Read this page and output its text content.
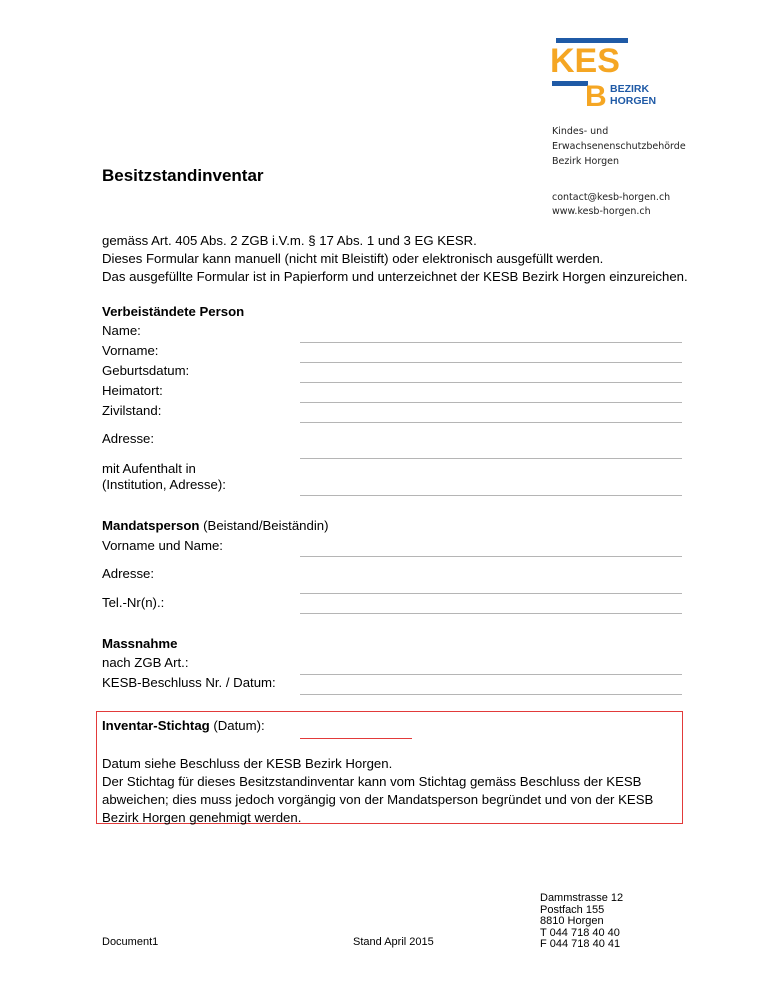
KES
B BEZIRK
HORGEN
Kindes- und
Erwachsenenschutzbehörde
Bezirk Horgen
Besitzstandinventar
contact@kesb-horgen.ch
www.kesb-horgen.ch
gemäss Art. 405 Abs. 2 ZGB i.V.m. § 17 Abs. 1 und 3 EG KESR.
Dieses Formular kann manuell (nicht mit Bleistift) oder elektronisch ausgefüllt werden.
Das ausgefüllte Formular ist in Papierform und unterzeichnet der KESB Bezirk Horgen einzureichen.
Verbeiständete Person
Name:
Vorname:
Geburtsdatum:
Heimatort:
Zivilstand:
Adresse:
mit Aufenthalt in
(Institution, Adresse):
Mandatsperson (Beistand/Beiständin)
Vorname und Name:
Adresse:
Tel.-Nr(n).:
Massnahme
nach ZGB Art.:
KESB-Beschluss Nr. / Datum:
Inventar-Stichtag (Datum):
Datum siehe Beschluss der KESB Bezirk Horgen.
Der Stichtag für dieses Besitzstandinventar kann vom Stichtag gemäss Beschluss der KESB
abweichen; dies muss jedoch vorgängig von der Mandatsperson begründet und von der KESB
Bezirk Horgen genehmigt werden.
Document1	Stand April 2015
Dammstrasse 12
Postfach 155
8810 Horgen
T 044 718 40 40
F 044 718 40 41
